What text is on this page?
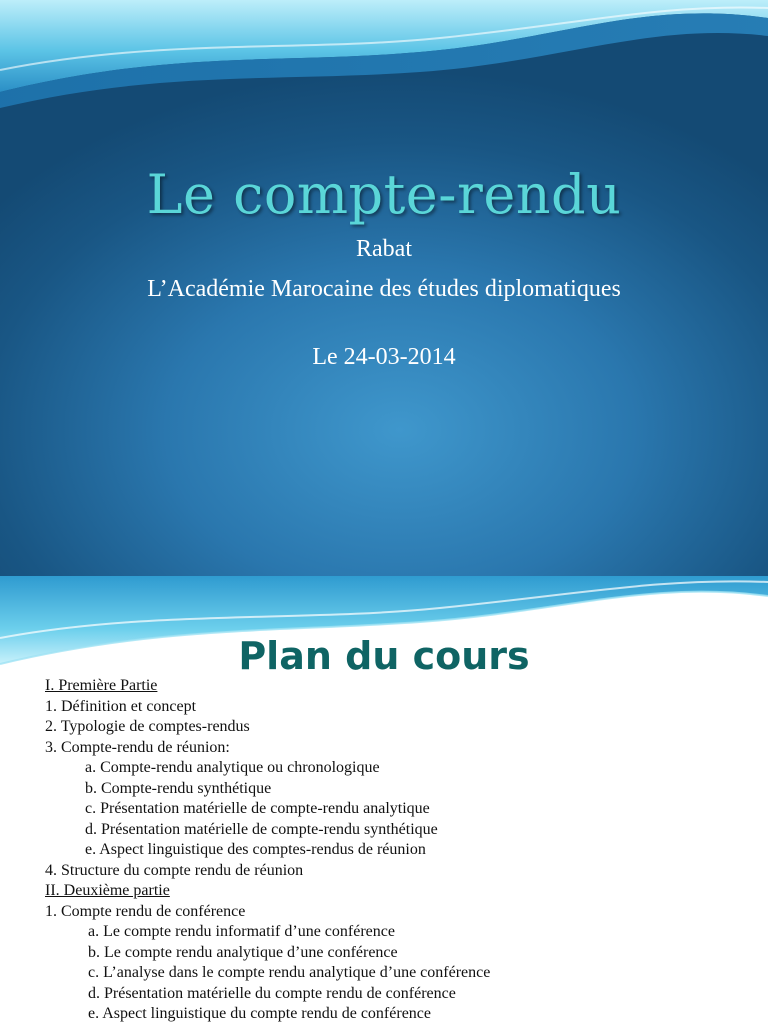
Le compte-rendu
Rabat
L’Académie Marocaine des études diplomatiques
Le 24-03-2014
Plan du cours
I. Première Partie
1. Définition et concept
2. Typologie de comptes-rendus
3. Compte-rendu de réunion:
a. Compte-rendu analytique ou chronologique
b. Compte-rendu synthétique
c. Présentation matérielle de compte-rendu analytique
d. Présentation matérielle de compte-rendu synthétique
e. Aspect linguistique des comptes-rendus de réunion
4. Structure du compte rendu de réunion
II. Deuxième partie
1. Compte rendu de conférence
a. Le compte rendu informatif d’une conférence
b. Le compte rendu analytique d’une conférence
c. L’analyse dans le compte rendu analytique d’une conférence
d. Présentation matérielle du compte rendu de conférence
e. Aspect linguistique du compte rendu de conférence
